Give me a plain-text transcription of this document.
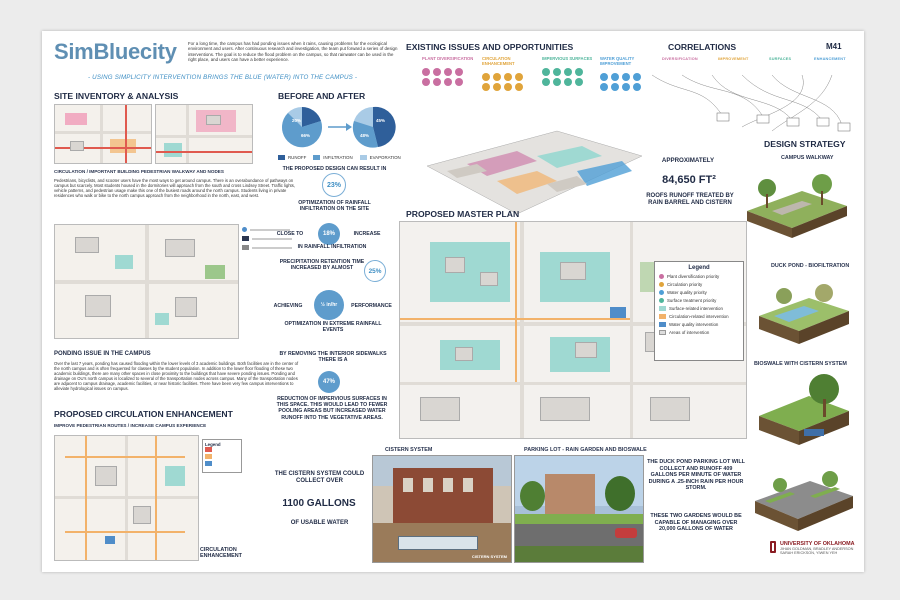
SimBluecity	For a long time, the campus has had ponding issues when it rains, causing problems for the ecological environment and users. After continuous research and investigation, the team put forward a series of design interventions. The goal is to reduce the flood problem on the campus, so that rainwater can be used in the right place, and users can have a better experience.
- USING SIMPLICITY INTERVENTION BRINGS THE BLUE (WATER) INTO THE CAMPUS -
M41
SITE INVENTORY & ANALYSIS
CIRCULATION / IMPORTANT BUILDING PEDESTRIAN WALKWAY AND NODES
Pedestrians, bicyclists, and scooter users have the most ways to get around campus. There is an overabundance of pathways on campus but scarcely. Most students housed in the dormitories will approach from the south and cross Lindsey Street. Traffic lights, vehicle patterns, and pedestrian usage make this one of the busiest roads around the north campus. Students living in private residences who walk or bike to the north campus approach from the neighborhood in the north, east, and west.
PONDING ISSUE IN THE CAMPUS
Over the last 7 years, ponding has caused flooding within the lower levels of 3 academic buildings. Both facilities are in the center of the north campus and is often frequented for classes by the student population. In addition to the lower floor flooding of these two academic buildings, there are many other spaces in close proximity to the buildings that have severe ponding issues. Ponding and drainage on OU's north campus is localized to several of the transportation nodes across campus. Many of the transportation nodes are adjacent to campus drainage, academic facilities, or near historic facilities. There have been very few campus interventions to alleviate hydrological issues on campus.
PROPOSED CIRCULATION ENHANCEMENT
IMPROVE PEDESTRIAN ROUTES / INCREASE CAMPUS EXPERIENCE
Legend
CIRCULATION
ENHANCEMENT
BEFORE AND AFTER
20%
66%
45%
48%
RUNOFF	INFILTRATION	EVAPORATION
THE PROPOSED DESIGN CAN RESULT IN
23%
OPTIMIZATION OF RAINFALL INFILTRATION ON THE SITE
CLOSE TO	18%	INCREASE
IN RAINFALL INFILTRATION
PRECIPITATION RETENTION TIME INCREASED BY ALMOST	25%
ACHIEVING	½ in/hr	PERFORMANCE
OPTIMIZATION IN EXTREME RAINFALL EVENTS
BY REMOVING THE INTERIOR SIDEWALKS THERE IS A
47%
REDUCTION OF IMPERVIOUS SURFACES IN THIS SPACE. THIS WOULD LEAD TO FEWER POOLING AREAS BUT INCREASED WATER RUNOFF INTO THE VEGETATIVE AREAS.
THE CISTERN SYSTEM COULD COLLECT OVER
1100 GALLONS
OF USABLE WATER
EXISTING ISSUES AND OPPORTUNITIES
PLANT DIVERSIFICATION	CIRCULATION ENHANCEMENT
IMPERVIOUS SURFACES	WATER QUALITY IMPROVEMENT
CORRELATIONS
DIVERSIFICATION	IMPROVEMENT	SURFACES	ENHANCEMENT
APPROXIMATELY
84,650 FT²
ROOFS RUNOFF TREATED BY RAIN BARREL AND CISTERN
PROPOSED MASTER PLAN
Legend
Plant diversification priority
Circulation priority
Water quality priority
Surface treatment priority
Surface-related intervention
Circulation-related intervention
Water quality intervention
Areas of intervention
DESIGN STRATEGY
CAMPUS WALKWAY
DUCK POND - BIOFILTRATION
BIOSWALE WITH CISTERN SYSTEM
CISTERN SYSTEM
CISTERN SYSTEM
PARKING LOT - RAIN GARDEN AND BIOSWALE
THE DUCK POND PARKING LOT WILL COLLECT AND RUNOFF 409 GALLONS PER MINUTE OF WATER DURING A .25-INCH RAIN PER HOUR STORM.
THESE TWO GARDENS WOULD BE CAPABLE OF MANAGING OVER 20,000 GALLONS OF WATER
UNIVERSITY OF OKLAHOMA
JIHAN GOLDMAN, BRADLEY ANDERSON
SARAH ERICKSON, YIWEN YEH
